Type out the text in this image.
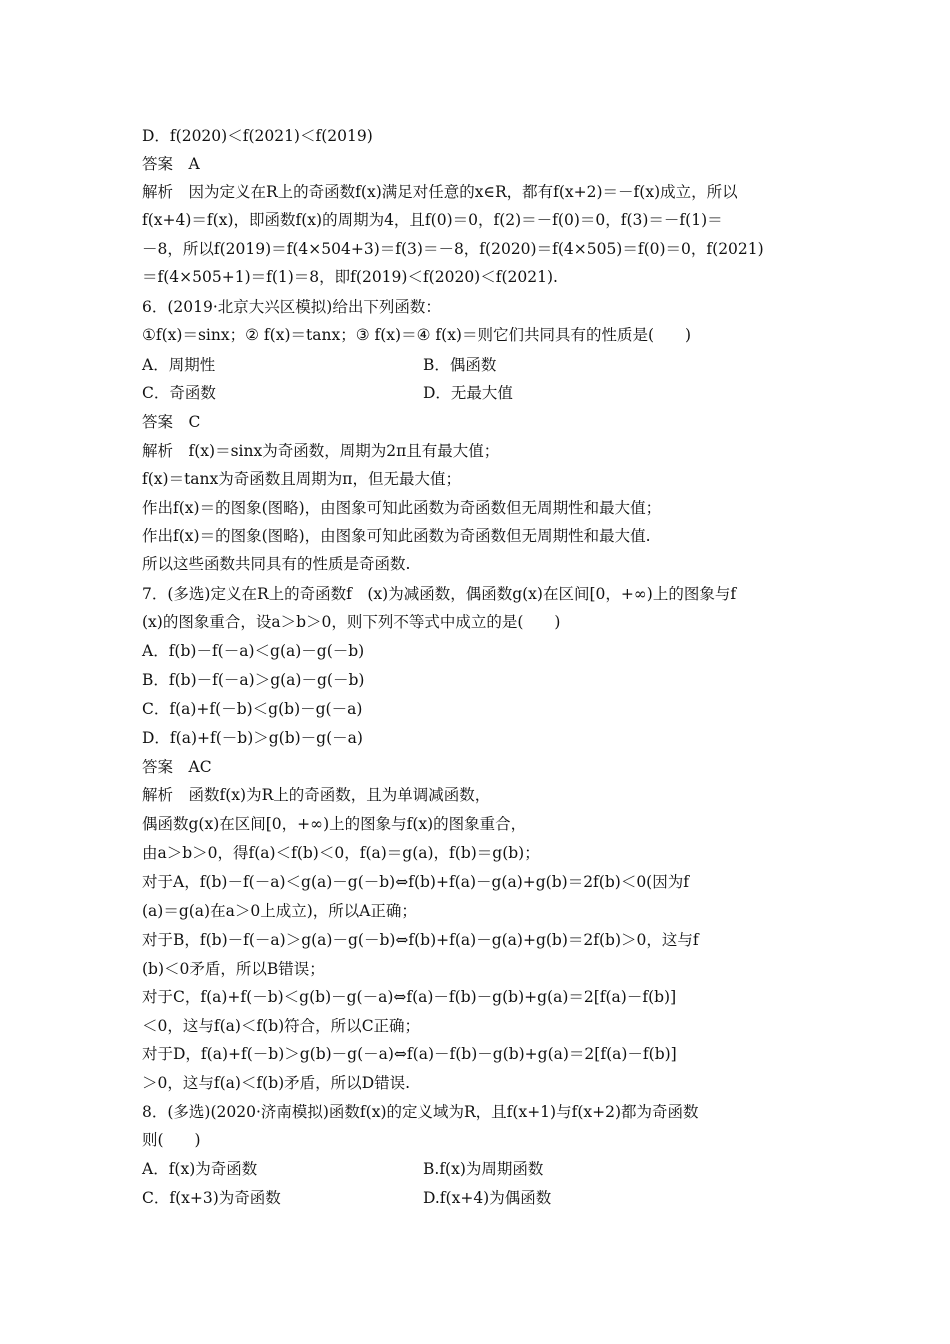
D．f(2020)＜f(2021)＜f(2019)
答案　A
解析　因为定义在R上的奇函数f(x)满足对任意的x∈R，都有f(x+2)＝－f(x)成立，所以
f(x+4)＝f(x)，即函数f(x)的周期为4，且f(0)＝0，f(2)＝－f(0)＝0，f(3)＝－f(1)＝
－8，所以f(2019)＝f(4×504+3)＝f(3)＝－8，f(2020)＝f(4×505)＝f(0)＝0，f(2021)
＝f(4×505+1)＝f(1)＝8，即f(2019)＜f(2020)＜f(2021).
6．(2019·北京大兴区模拟)给出下列函数：
①f(x)＝sinx；② f(x)＝tanx；③ f(x)＝④ f(x)＝则它们共同具有的性质是(　　)
A．周期性	B．偶函数
C．奇函数	D．无最大值
答案　C
解析　f(x)＝sinx为奇函数，周期为2π且有最大值；
f(x)＝tanx为奇函数且周期为π，但无最大值；
作出f(x)＝的图象(图略)，由图象可知此函数为奇函数但无周期性和最大值；
作出f(x)＝的图象(图略)，由图象可知此函数为奇函数但无周期性和最大值.
所以这些函数共同具有的性质是奇函数.
7．(多选)定义在R上的奇函数f　(x)为减函数，偶函数g(x)在区间[0，+∞)上的图象与f
(x)的图象重合，设a＞b＞0，则下列不等式中成立的是(　　)
A．f(b)－f(－a)＜g(a)－g(－b)
B．f(b)－f(－a)＞g(a)－g(－b)
C．f(a)+f(－b)＜g(b)－g(－a)
D．f(a)+f(－b)＞g(b)－g(－a)
答案　AC
解析　函数f(x)为R上的奇函数，且为单调减函数，
偶函数g(x)在区间[0，+∞)上的图象与f(x)的图象重合，
由a＞b＞0，得f(a)＜f(b)＜0，f(a)＝g(a)，f(b)＝g(b)；
对于A，f(b)－f(－a)＜g(a)－g(－b)⇔f(b)+f(a)－g(a)+g(b)＝2f(b)＜0(因为f
(a)＝g(a)在a＞0上成立)，所以A正确；
对于B，f(b)－f(－a)＞g(a)－g(－b)⇔f(b)+f(a)－g(a)+g(b)＝2f(b)＞0，这与f
(b)＜0矛盾，所以B错误；
对于C，f(a)+f(－b)＜g(b)－g(－a)⇔f(a)－f(b)－g(b)+g(a)＝2[f(a)－f(b)]
＜0，这与f(a)＜f(b)符合，所以C正确；
对于D，f(a)+f(－b)＞g(b)－g(－a)⇔f(a)－f(b)－g(b)+g(a)＝2[f(a)－f(b)]
＞0，这与f(a)＜f(b)矛盾，所以D错误.
8．(多选)(2020·济南模拟)函数f(x)的定义域为R，且f(x+1)与f(x+2)都为奇函数
则(　　)
A．f(x)为奇函数	B.f(x)为周期函数
C．f(x+3)为奇函数	D.f(x+4)为偶函数
